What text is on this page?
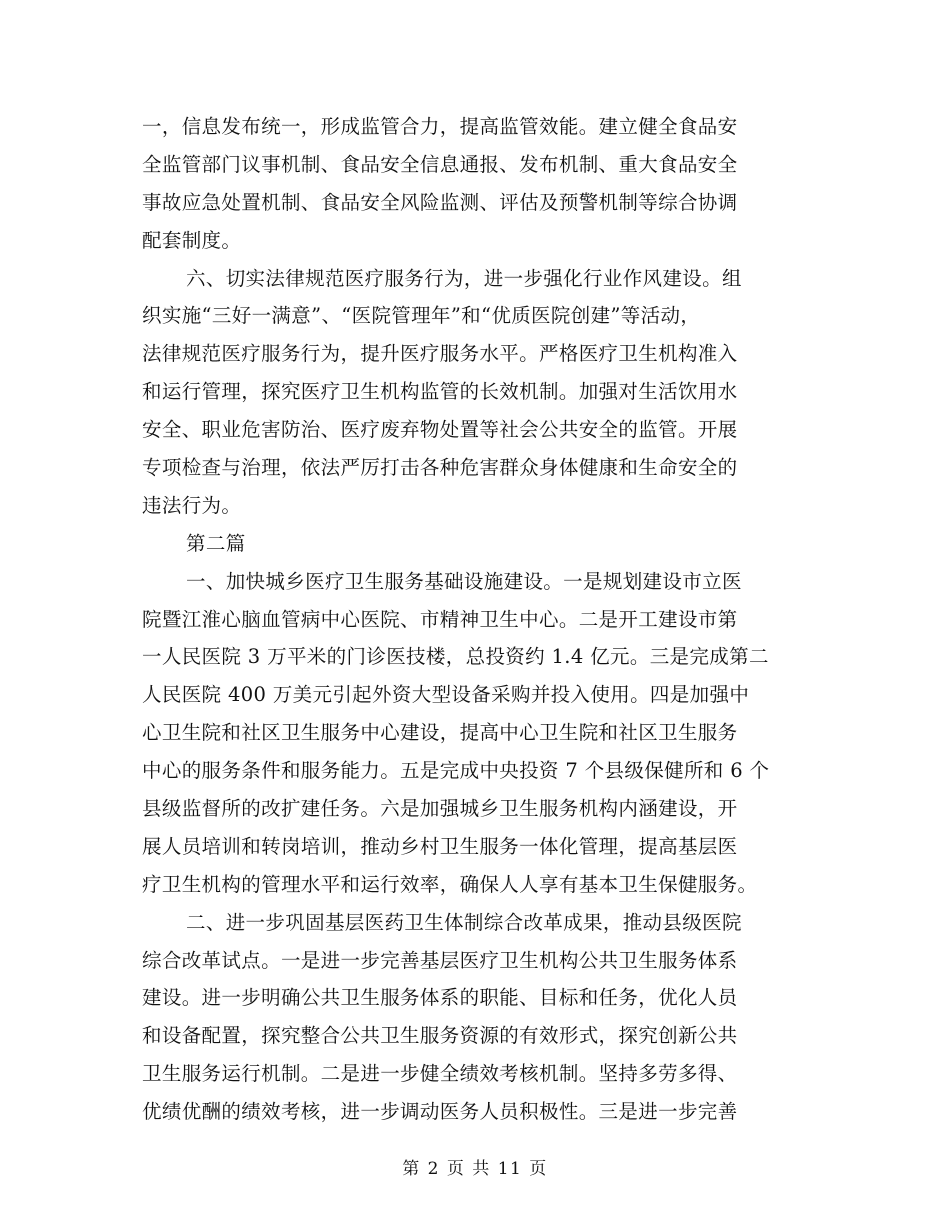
一，信息发布统一，形成监管合力，提高监管效能。建立健全食品安
全监管部门议事机制、食品安全信息通报、发布机制、重大食品安全
事故应急处置机制、食品安全风险监测、评估及预警机制等综合协调
配套制度。
六、切实法律规范医疗服务行为，进一步强化行业作风建设。组
织实施“三好一满意”、“医院管理年”和“优质医院创建”等活动，
法律规范医疗服务行为，提升医疗服务水平。严格医疗卫生机构准入
和运行管理，探究医疗卫生机构监管的长效机制。加强对生活饮用水
安全、职业危害防治、医疗废弃物处置等社会公共安全的监管。开展
专项检查与治理，依法严厉打击各种危害群众身体健康和生命安全的
违法行为。
第二篇
一、加快城乡医疗卫生服务基础设施建设。一是规划建设市立医
院暨江淮心脑血管病中心医院、市精神卫生中心。二是开工建设市第
一人民医院 3 万平米的门诊医技楼，总投资约 1.4 亿元。三是完成第二
人民医院 400 万美元引起外资大型设备采购并投入使用。四是加强中
心卫生院和社区卫生服务中心建设，提高中心卫生院和社区卫生服务
中心的服务条件和服务能力。五是完成中央投资 7 个县级保健所和 6 个
县级监督所的改扩建任务。六是加强城乡卫生服务机构内涵建设，开
展人员培训和转岗培训，推动乡村卫生服务一体化管理，提高基层医
疗卫生机构的管理水平和运行效率，确保人人享有基本卫生保健服务。
二、进一步巩固基层医药卫生体制综合改革成果，推动县级医院
综合改革试点。一是进一步完善基层医疗卫生机构公共卫生服务体系
建设。进一步明确公共卫生服务体系的职能、目标和任务，优化人员
和设备配置，探究整合公共卫生服务资源的有效形式，探究创新公共
卫生服务运行机制。二是进一步健全绩效考核机制。坚持多劳多得、
优绩优酬的绩效考核，进一步调动医务人员积极性。三是进一步完善
第 2 页 共 11 页
